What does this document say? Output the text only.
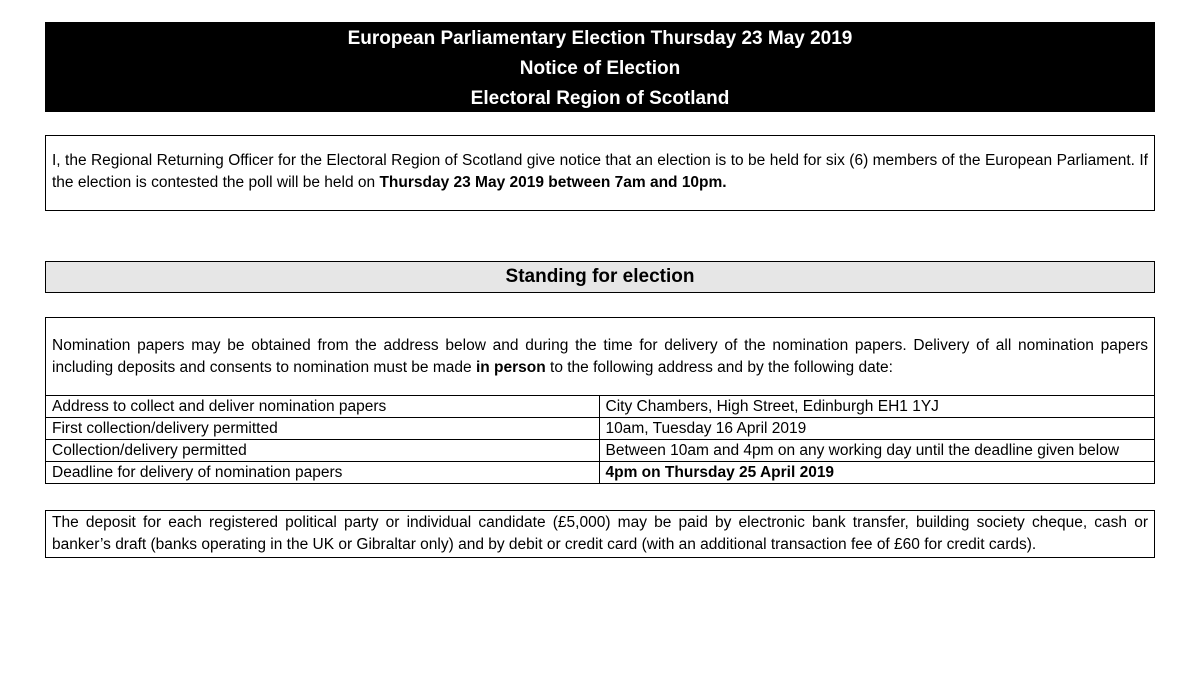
European Parliamentary Election Thursday 23 May 2019
Notice of Election
Electoral Region of Scotland
I, the Regional Returning Officer for the Electoral Region of Scotland give notice that an election is to be held for six (6) members of the European Parliament. If the election is contested the poll will be held on Thursday 23 May 2019 between 7am and 10pm.
Standing for election
Nomination papers may be obtained from the address below and during the time for delivery of the nomination papers. Delivery of all nomination papers including deposits and consents to nomination must be made in person to the following address and by the following date:
Address to collect and deliver nomination papers	City Chambers, High Street, Edinburgh EH1 1YJ
First collection/delivery permitted	10am, Tuesday 16 April 2019
Collection/delivery permitted	Between 10am and 4pm on any working day until the deadline given below
Deadline for delivery of nomination papers	4pm on Thursday 25 April 2019
The deposit for each registered political party or individual candidate (£5,000) may be paid by electronic bank transfer, building society cheque, cash or banker’s draft (banks operating in the UK or Gibraltar only) and by debit or credit card (with an additional transaction fee of £60 for credit cards).
